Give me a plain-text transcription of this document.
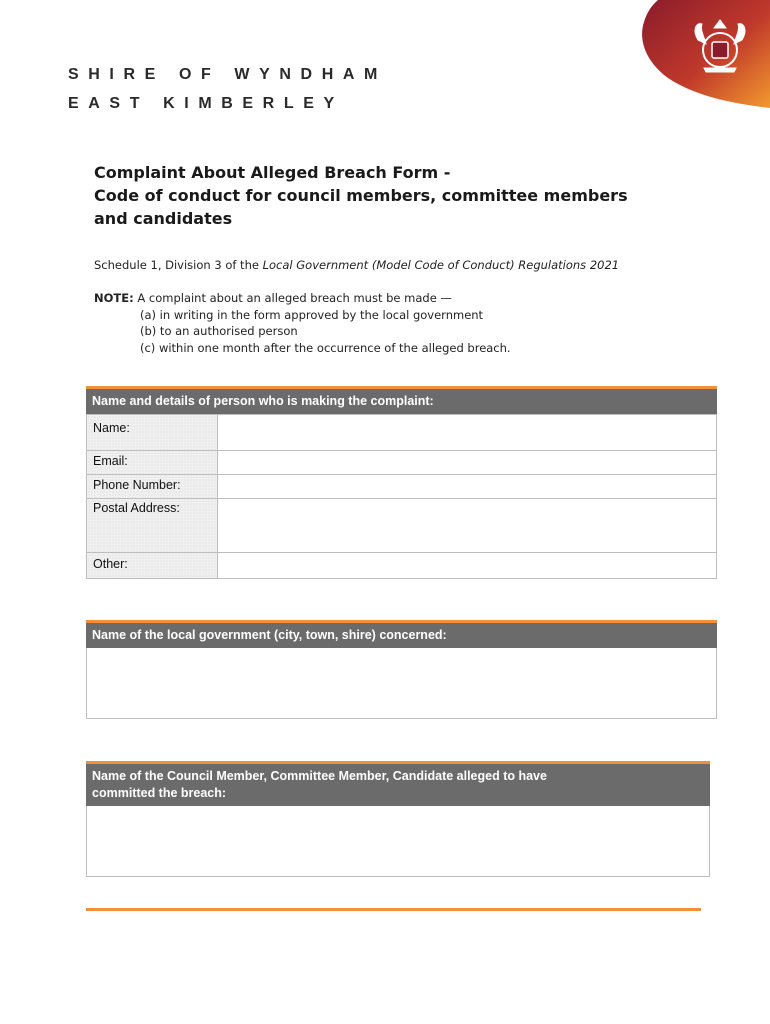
SHIRE OF WYNDHAM
EAST KIMBERLEY
Complaint About Alleged Breach Form -
Code of conduct for council members, committee members
and candidates
Schedule 1, Division 3 of the Local Government (Model Code of Conduct) Regulations 2021
NOTE: A complaint about an alleged breach must be made —
(a) in writing in the form approved by the local government
(b) to an authorised person
(c) within one month after the occurrence of the alleged breach.
Name and details of person who is making the complaint:
Name:	
Email:	
Phone Number:	
Postal Address:	
Other:	
Name of the local government (city, town, shire) concerned:
Name of the Council Member, Committee Member, Candidate alleged to have
committed the breach:
